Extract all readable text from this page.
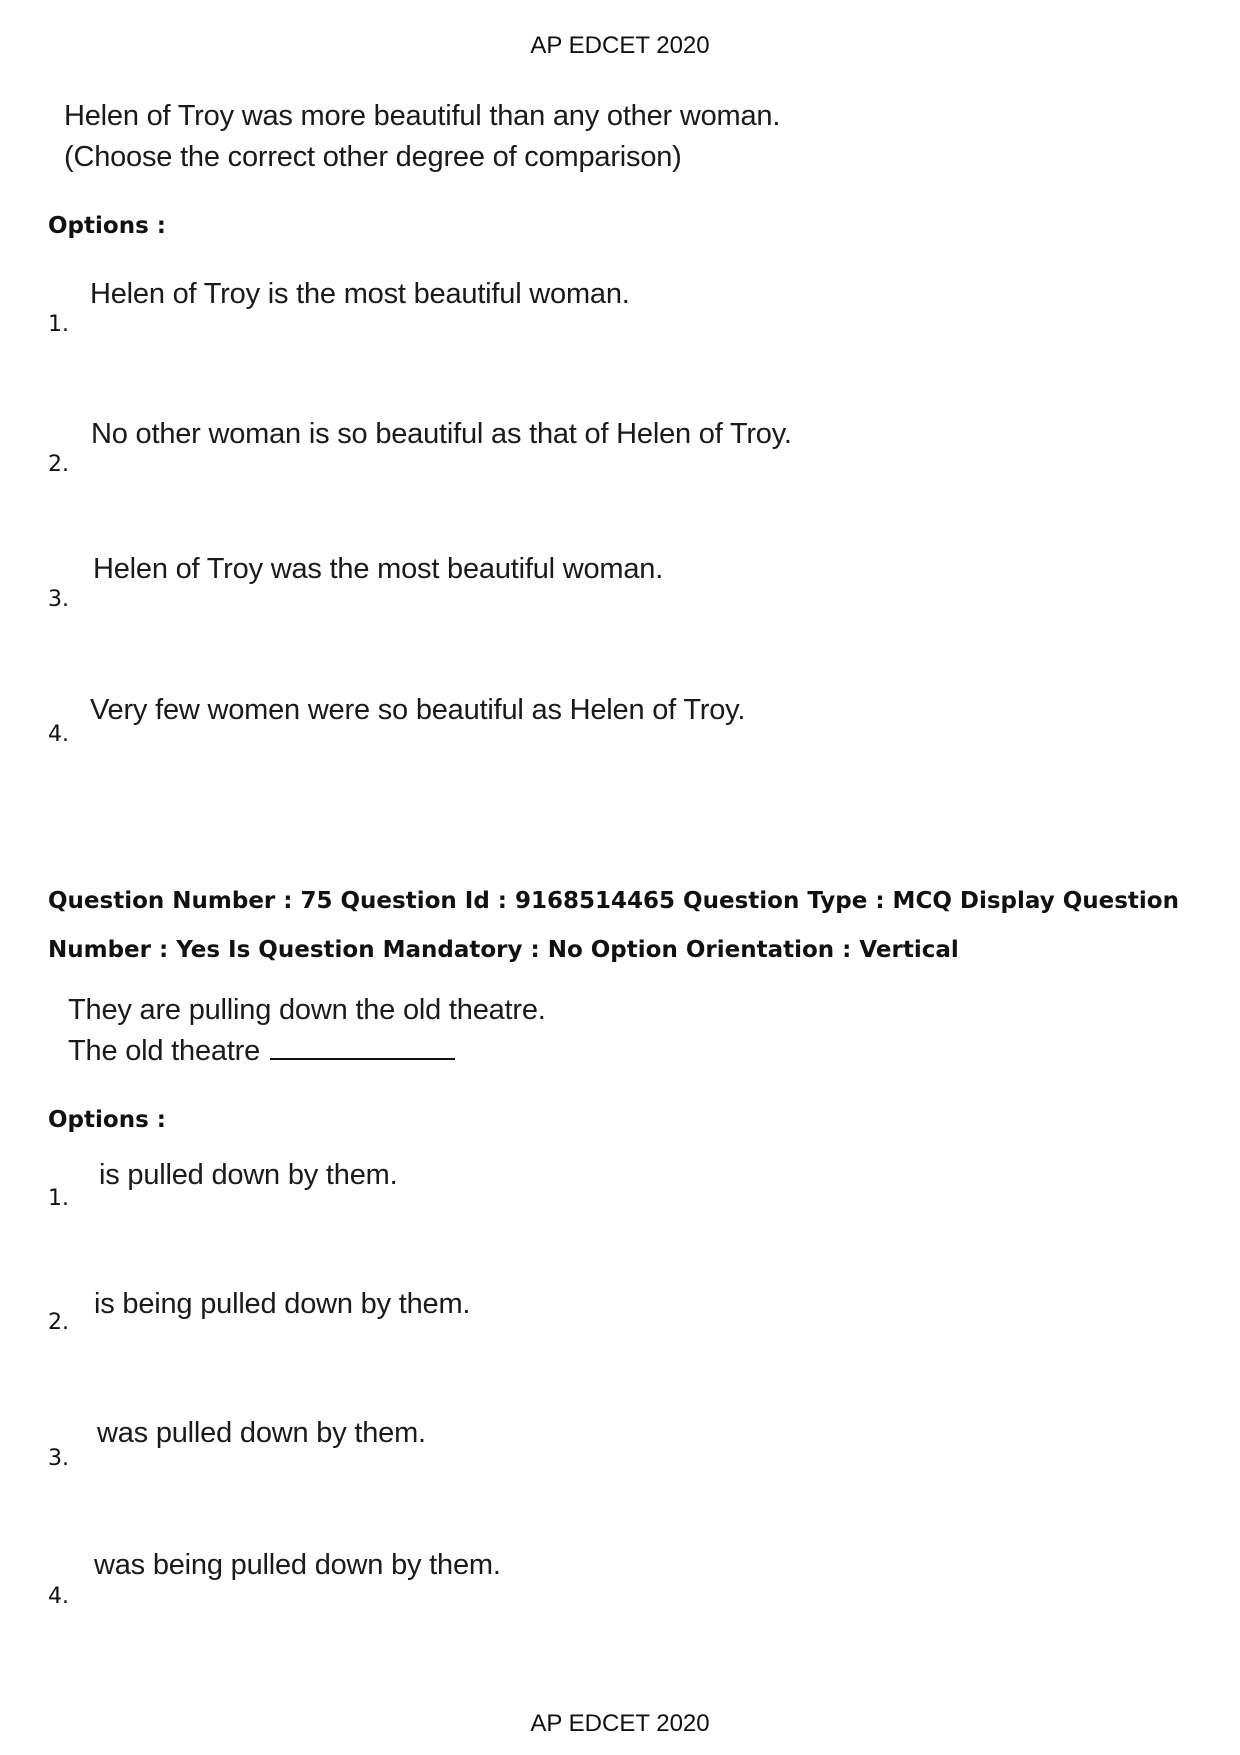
AP EDCET 2020
Helen of Troy was more beautiful than any other woman.
(Choose the correct other degree of comparison)
Options :
1.
Helen of Troy is the most beautiful woman.
2.
No other woman is so beautiful as that of Helen of Troy.
3.
Helen of Troy was the most beautiful woman.
4.
Very few women were so beautiful as Helen of Troy.
Question Number : 75 Question Id : 9168514465 Question Type : MCQ Display Question
Number : Yes Is Question Mandatory : No Option Orientation : Vertical
They are pulling down the old theatre.
The old theatre
Options :
1.
is pulled down by them.
2.
is being pulled down by them.
3.
was pulled down by them.
4.
was being pulled down by them.
AP EDCET 2020
